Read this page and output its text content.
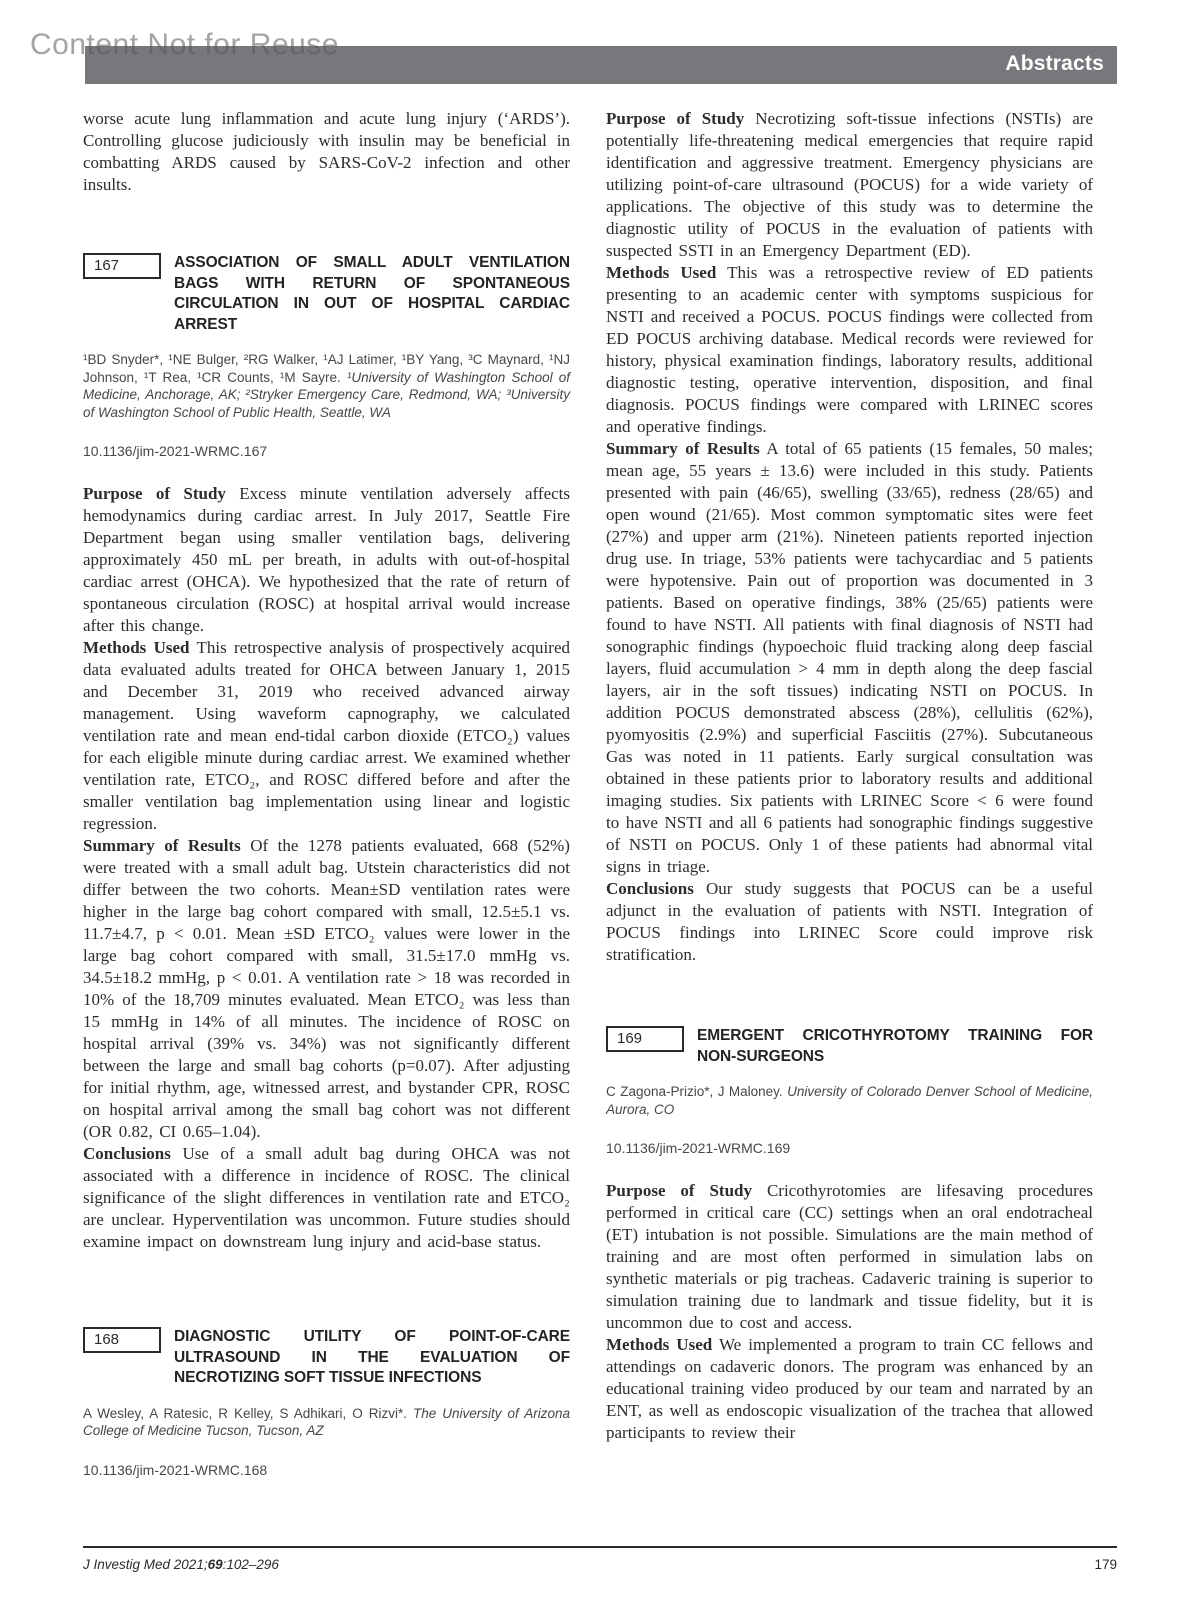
Abstracts
Content Not for Reuse

worse acute lung inflammation and acute lung injury (‘ARDS’). Controlling glucose judiciously with insulin may be beneficial in combatting ARDS caused by SARS-CoV-2 infection and other insults.

167	ASSOCIATION OF SMALL ADULT VENTILATION BAGS WITH RETURN OF SPONTANEOUS CIRCULATION IN OUT OF HOSPITAL CARDIAC ARREST

¹BD Snyder*, ¹NE Bulger, ²RG Walker, ¹AJ Latimer, ¹BY Yang, ³C Maynard, ¹NJ Johnson, ¹T Rea, ¹CR Counts, ¹M Sayre. ¹University of Washington School of Medicine, Anchorage, AK; ²Stryker Emergency Care, Redmond, WA; ³University of Washington School of Public Health, Seattle, WA

10.1136/jim-2021-WRMC.167

Purpose of Study Excess minute ventilation adversely affects hemodynamics during cardiac arrest. In July 2017, Seattle Fire Department began using smaller ventilation bags, delivering approximately 450 mL per breath, in adults with out-of-hospital cardiac arrest (OHCA). We hypothesized that the rate of return of spontaneous circulation (ROSC) at hospital arrival would increase after this change.

Methods Used This retrospective analysis of prospectively acquired data evaluated adults treated for OHCA between January 1, 2015 and December 31, 2019 who received advanced airway management. Using waveform capnography, we calculated ventilation rate and mean end-tidal carbon dioxide (ETCO₂) values for each eligible minute during cardiac arrest. We examined whether ventilation rate, ETCO₂, and ROSC differed before and after the smaller ventilation bag implementation using linear and logistic regression.

Summary of Results Of the 1278 patients evaluated, 668 (52%) were treated with a small adult bag. Utstein characteristics did not differ between the two cohorts. Mean±SD ventilation rates were higher in the large bag cohort compared with small, 12.5±5.1 vs. 11.7±4.7, p < 0.01. Mean ±SD ETCO₂ values were lower in the large bag cohort compared with small, 31.5±17.0 mmHg vs. 34.5±18.2 mmHg, p < 0.01. A ventilation rate > 18 was recorded in 10% of the 18,709 minutes evaluated. Mean ETCO₂ was less than 15 mmHg in 14% of all minutes. The incidence of ROSC on hospital arrival (39% vs. 34%) was not significantly different between the large and small bag cohorts (p=0.07). After adjusting for initial rhythm, age, witnessed arrest, and bystander CPR, ROSC on hospital arrival among the small bag cohort was not different (OR 0.82, CI 0.65–1.04).

Conclusions Use of a small adult bag during OHCA was not associated with a difference in incidence of ROSC. The clinical significance of the slight differences in ventilation rate and ETCO₂ are unclear. Hyperventilation was uncommon. Future studies should examine impact on downstream lung injury and acid-base status.

168	DIAGNOSTIC UTILITY OF POINT-OF-CARE ULTRASOUND IN THE EVALUATION OF NECROTIZING SOFT TISSUE INFECTIONS

A Wesley, A Ratesic, R Kelley, S Adhikari, O Rizvi*. The University of Arizona College of Medicine Tucson, Tucson, AZ

10.1136/jim-2021-WRMC.168

Purpose of Study Necrotizing soft-tissue infections (NSTIs) are potentially life-threatening medical emergencies that require rapid identification and aggressive treatment. Emergency physicians are utilizing point-of-care ultrasound (POCUS) for a wide variety of applications. The objective of this study was to determine the diagnostic utility of POCUS in the evaluation of patients with suspected SSTI in an Emergency Department (ED).

Methods Used This was a retrospective review of ED patients presenting to an academic center with symptoms suspicious for NSTI and received a POCUS. POCUS findings were collected from ED POCUS archiving database. Medical records were reviewed for history, physical examination findings, laboratory results, additional diagnostic testing, operative intervention, disposition, and final diagnosis. POCUS findings were compared with LRINEC scores and operative findings.

Summary of Results A total of 65 patients (15 females, 50 males; mean age, 55 years ± 13.6) were included in this study. Patients presented with pain (46/65), swelling (33/65), redness (28/65) and open wound (21/65). Most common symptomatic sites were feet (27%) and upper arm (21%). Nineteen patients reported injection drug use. In triage, 53% patients were tachycardiac and 5 patients were hypotensive. Pain out of proportion was documented in 3 patients. Based on operative findings, 38% (25/65) patients were found to have NSTI. All patients with final diagnosis of NSTI had sonographic findings (hypoechoic fluid tracking along deep fascial layers, fluid accumulation > 4 mm in depth along the deep fascial layers, air in the soft tissues) indicating NSTI on POCUS. In addition POCUS demonstrated abscess (28%), cellulitis (62%), pyomyositis (2.9%) and superficial Fasciitis (27%). Subcutaneous Gas was noted in 11 patients. Early surgical consultation was obtained in these patients prior to laboratory results and additional imaging studies. Six patients with LRINEC Score < 6 were found to have NSTI and all 6 patients had sonographic findings suggestive of NSTI on POCUS. Only 1 of these patients had abnormal vital signs in triage.

Conclusions Our study suggests that POCUS can be a useful adjunct in the evaluation of patients with NSTI. Integration of POCUS findings into LRINEC Score could improve risk stratification.

169	EMERGENT CRICOTHYROTOMY TRAINING FOR NON-SURGEONS

C Zagona-Prizio*, J Maloney. University of Colorado Denver School of Medicine, Aurora, CO

10.1136/jim-2021-WRMC.169

Purpose of Study Cricothyrotomies are lifesaving procedures performed in critical care (CC) settings when an oral endotracheal (ET) intubation is not possible. Simulations are the main method of training and are most often performed in simulation labs on synthetic materials or pig tracheas. Cadaveric training is superior to simulation training due to landmark and tissue fidelity, but it is uncommon due to cost and access.

Methods Used We implemented a program to train CC fellows and attendings on cadaveric donors. The program was enhanced by an educational training video produced by our team and narrated by an ENT, as well as endoscopic visualization of the trachea that allowed participants to review their

J Investig Med 2021;69:102–296	179
